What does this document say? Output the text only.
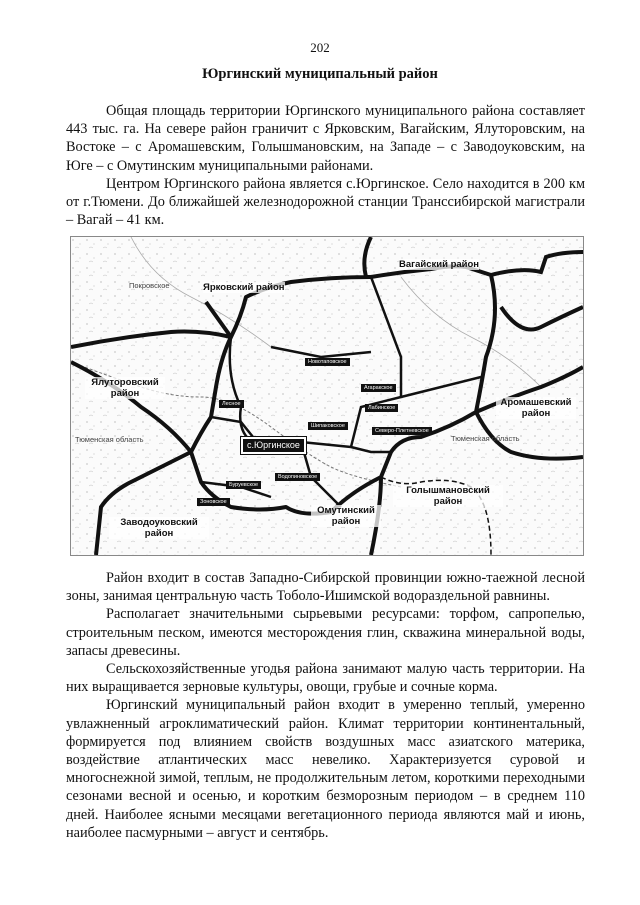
202
Юргинский муниципальный район

Общая площадь территории Юргинского муниципального района составляет 443 тыс. га. На севере район граничит с Ярковским, Вагайским, Ялуторовским, на Востоке – с Аромашевским, Голышмановским, на Западе – с Заводоуковским, на Юге – с Омутинским муниципальными районами.

Центром Юргинского района является с.Юргинское. Село находится в 200 км от г.Тюмени. До ближайшей железнодорожной станции Транссибирской магистрали – Вагай – 41 км.

Вагайский район
Ярковский район
Покровское
Ялуторовский район
Тюменская область	Тюменская область
Аромашевский район
Голышмановский район
Омутинский район
Заводоуковский район
Новотаповское
Агаракское
Лесное
Лабинское
Шипаковское
Северо-Плетневское
с.Юргинское
Водопиновское
Буруевское
Зоновское

Район входит в состав Западно-Сибирской провинции южно-таежной лесной зоны, занимая центральную часть Тоболо-Ишимской водораздельной равнины.

Располагает значительными сырьевыми ресурсами: торфом, сапропелью, строительным песком, имеются месторождения глин, скважина минеральной воды, запасы древесины.

Сельскохозяйственные угодья района занимают малую часть территории. На них выращивается зерновые культуры, овощи, грубые и сочные корма.

Юргинский муниципальный район входит в умеренно теплый, умеренно увлажненный агроклиматический район. Климат территории континентальный, формируется под влиянием свойств воздушных масс азиатского материка, воздействие атлантических масс невелико. Характеризуется суровой и многоснежной зимой, теплым, не продолжительным летом, короткими переходными сезонами весной и осенью, и коротким безморозным периодом – в среднем 110 дней. Наиболее ясными месяцами вегетационного периода являются май и июнь, наиболее пасмурными – август и сентябрь.
